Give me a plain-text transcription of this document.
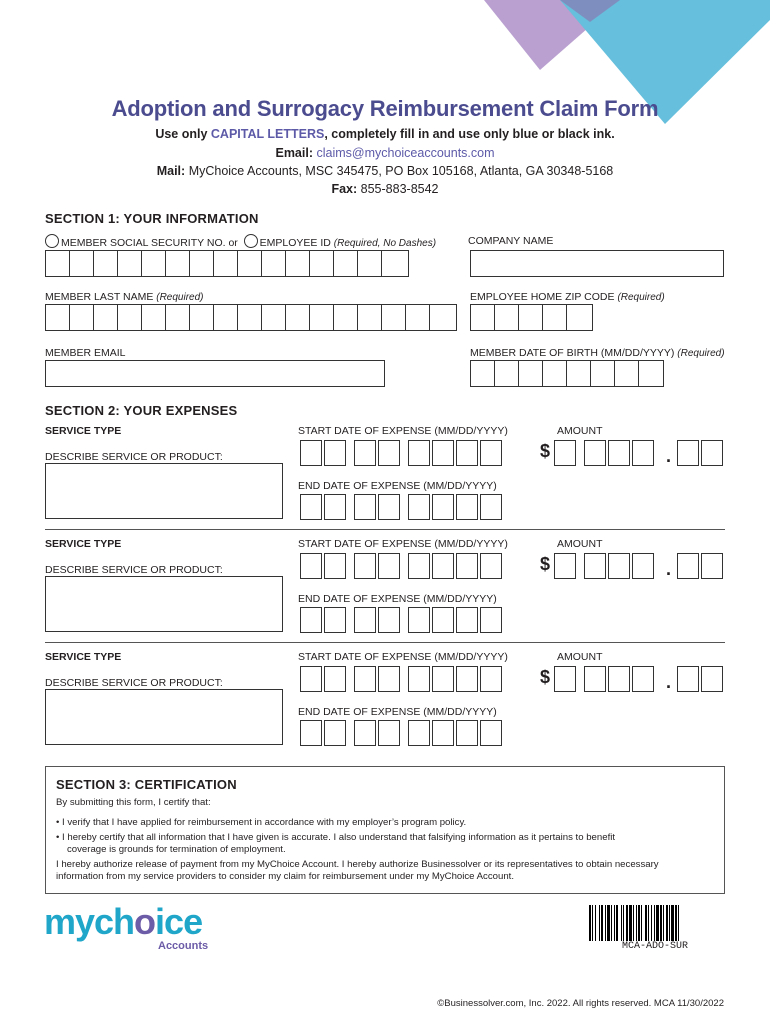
Adoption and Surrogacy Reimbursement Claim Form
Use only CAPITAL LETTERS, completely fill in and use only blue or black ink.
Email: claims@mychoiceaccounts.com
Mail: MyChoice Accounts, MSC 345475, PO Box 105168, Atlanta, GA 30348-5168
Fax: 855-883-8542
SECTION 1: YOUR INFORMATION
MEMBER SOCIAL SECURITY NO. or EMPLOYEE ID (Required, No Dashes)	COMPANY NAME
MEMBER LAST NAME (Required)	EMPLOYEE HOME ZIP CODE (Required)
MEMBER EMAIL	MEMBER DATE OF BIRTH (MM/DD/YYYY) (Required)
SECTION 2: YOUR EXPENSES
SERVICE TYPE	START DATE OF EXPENSE (MM/DD/YYYY)	AMOUNT
DESCRIBE SERVICE OR PRODUCT:	$	.
END DATE OF EXPENSE (MM/DD/YYYY)
SERVICE TYPE	START DATE OF EXPENSE (MM/DD/YYYY)	AMOUNT
DESCRIBE SERVICE OR PRODUCT:	$	.
END DATE OF EXPENSE (MM/DD/YYYY)
SERVICE TYPE	START DATE OF EXPENSE (MM/DD/YYYY)	AMOUNT
DESCRIBE SERVICE OR PRODUCT:	$	.
END DATE OF EXPENSE (MM/DD/YYYY)
SECTION 3: CERTIFICATION

By submitting this form, I certify that:

• I verify that I have applied for reimbursement in accordance with my employer’s program policy.

• I hereby certify that all information that I have given is accurate. I also understand that falsifying information as it pertains to benefit

coverage is grounds for termination of employment.

I hereby authorize release of payment from my MyChoice Account. I hereby authorize Businessolver or its representatives to obtain necessary

information from my service providers to consider my claim for reimbursement under my MyChoice Account.

mychoice
Accounts	MCA-ADO-SUR
©Businessolver.com, Inc. 2022. All rights reserved. MCA 11/30/2022
